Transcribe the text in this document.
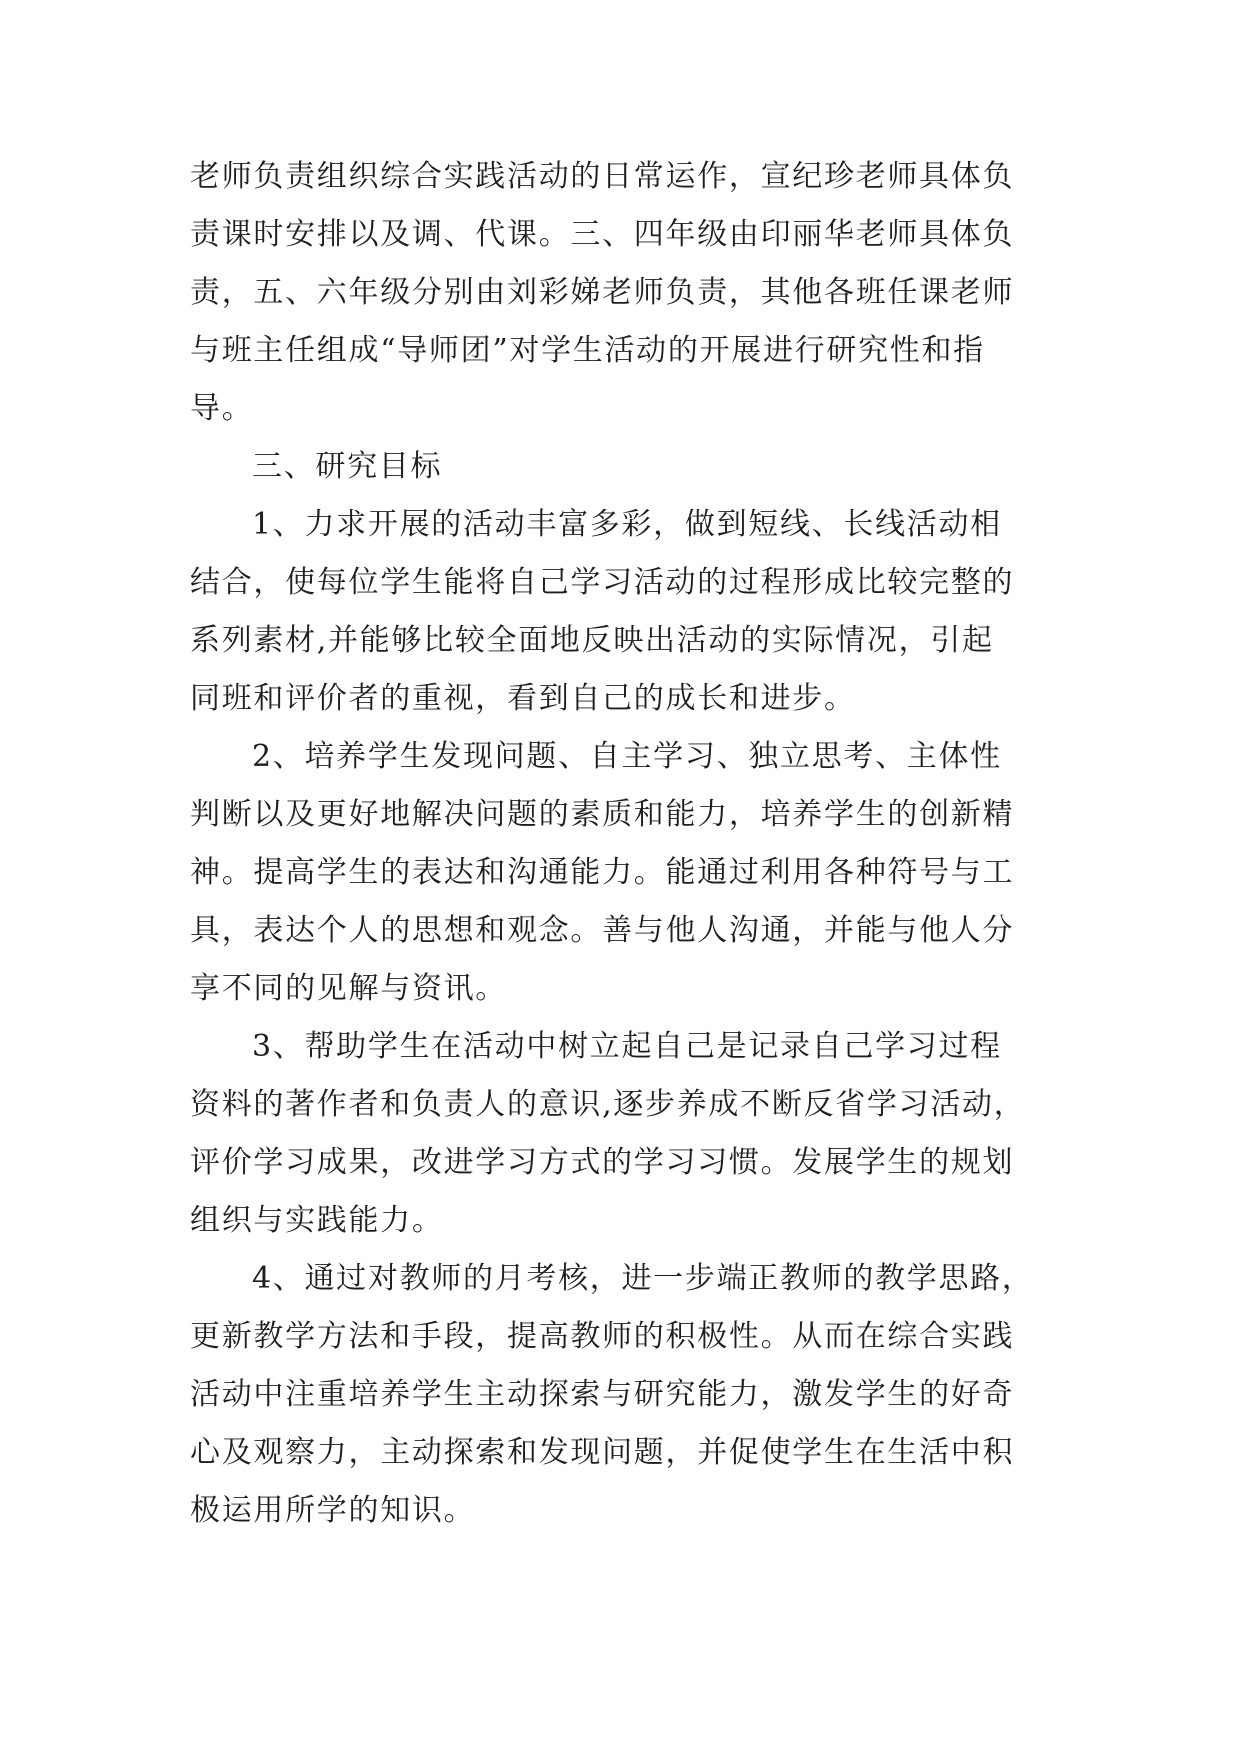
老师负责组织综合实践活动的日常运作，宣纪珍老师具体负
责课时安排以及调、代课。三、四年级由印丽华老师具体负
责，五、六年级分别由刘彩娣老师负责，其他各班任课老师
与班主任组成“导师团”对学生活动的开展进行研究性和指
导。
三、研究目标
1、力求开展的活动丰富多彩，做到短线、长线活动相
结合，使每位学生能将自己学习活动的过程形成比较完整的
系列素材,并能够比较全面地反映出活动的实际情况，引起
同班和评价者的重视，看到自己的成长和进步。
2、培养学生发现问题、自主学习、独立思考、主体性
判断以及更好地解决问题的素质和能力，培养学生的创新精
神。提高学生的表达和沟通能力。能通过利用各种符号与工
具，表达个人的思想和观念。善与他人沟通，并能与他人分
享不同的见解与资讯。
3、帮助学生在活动中树立起自己是记录自己学习过程
资料的著作者和负责人的意识,逐步养成不断反省学习活动，
评价学习成果，改进学习方式的学习习惯。发展学生的规划
组织与实践能力。
4、通过对教师的月考核，进一步端正教师的教学思路，
更新教学方法和手段，提高教师的积极性。从而在综合实践
活动中注重培养学生主动探索与研究能力，激发学生的好奇
心及观察力，主动探索和发现问题，并促使学生在生活中积
极运用所学的知识。
